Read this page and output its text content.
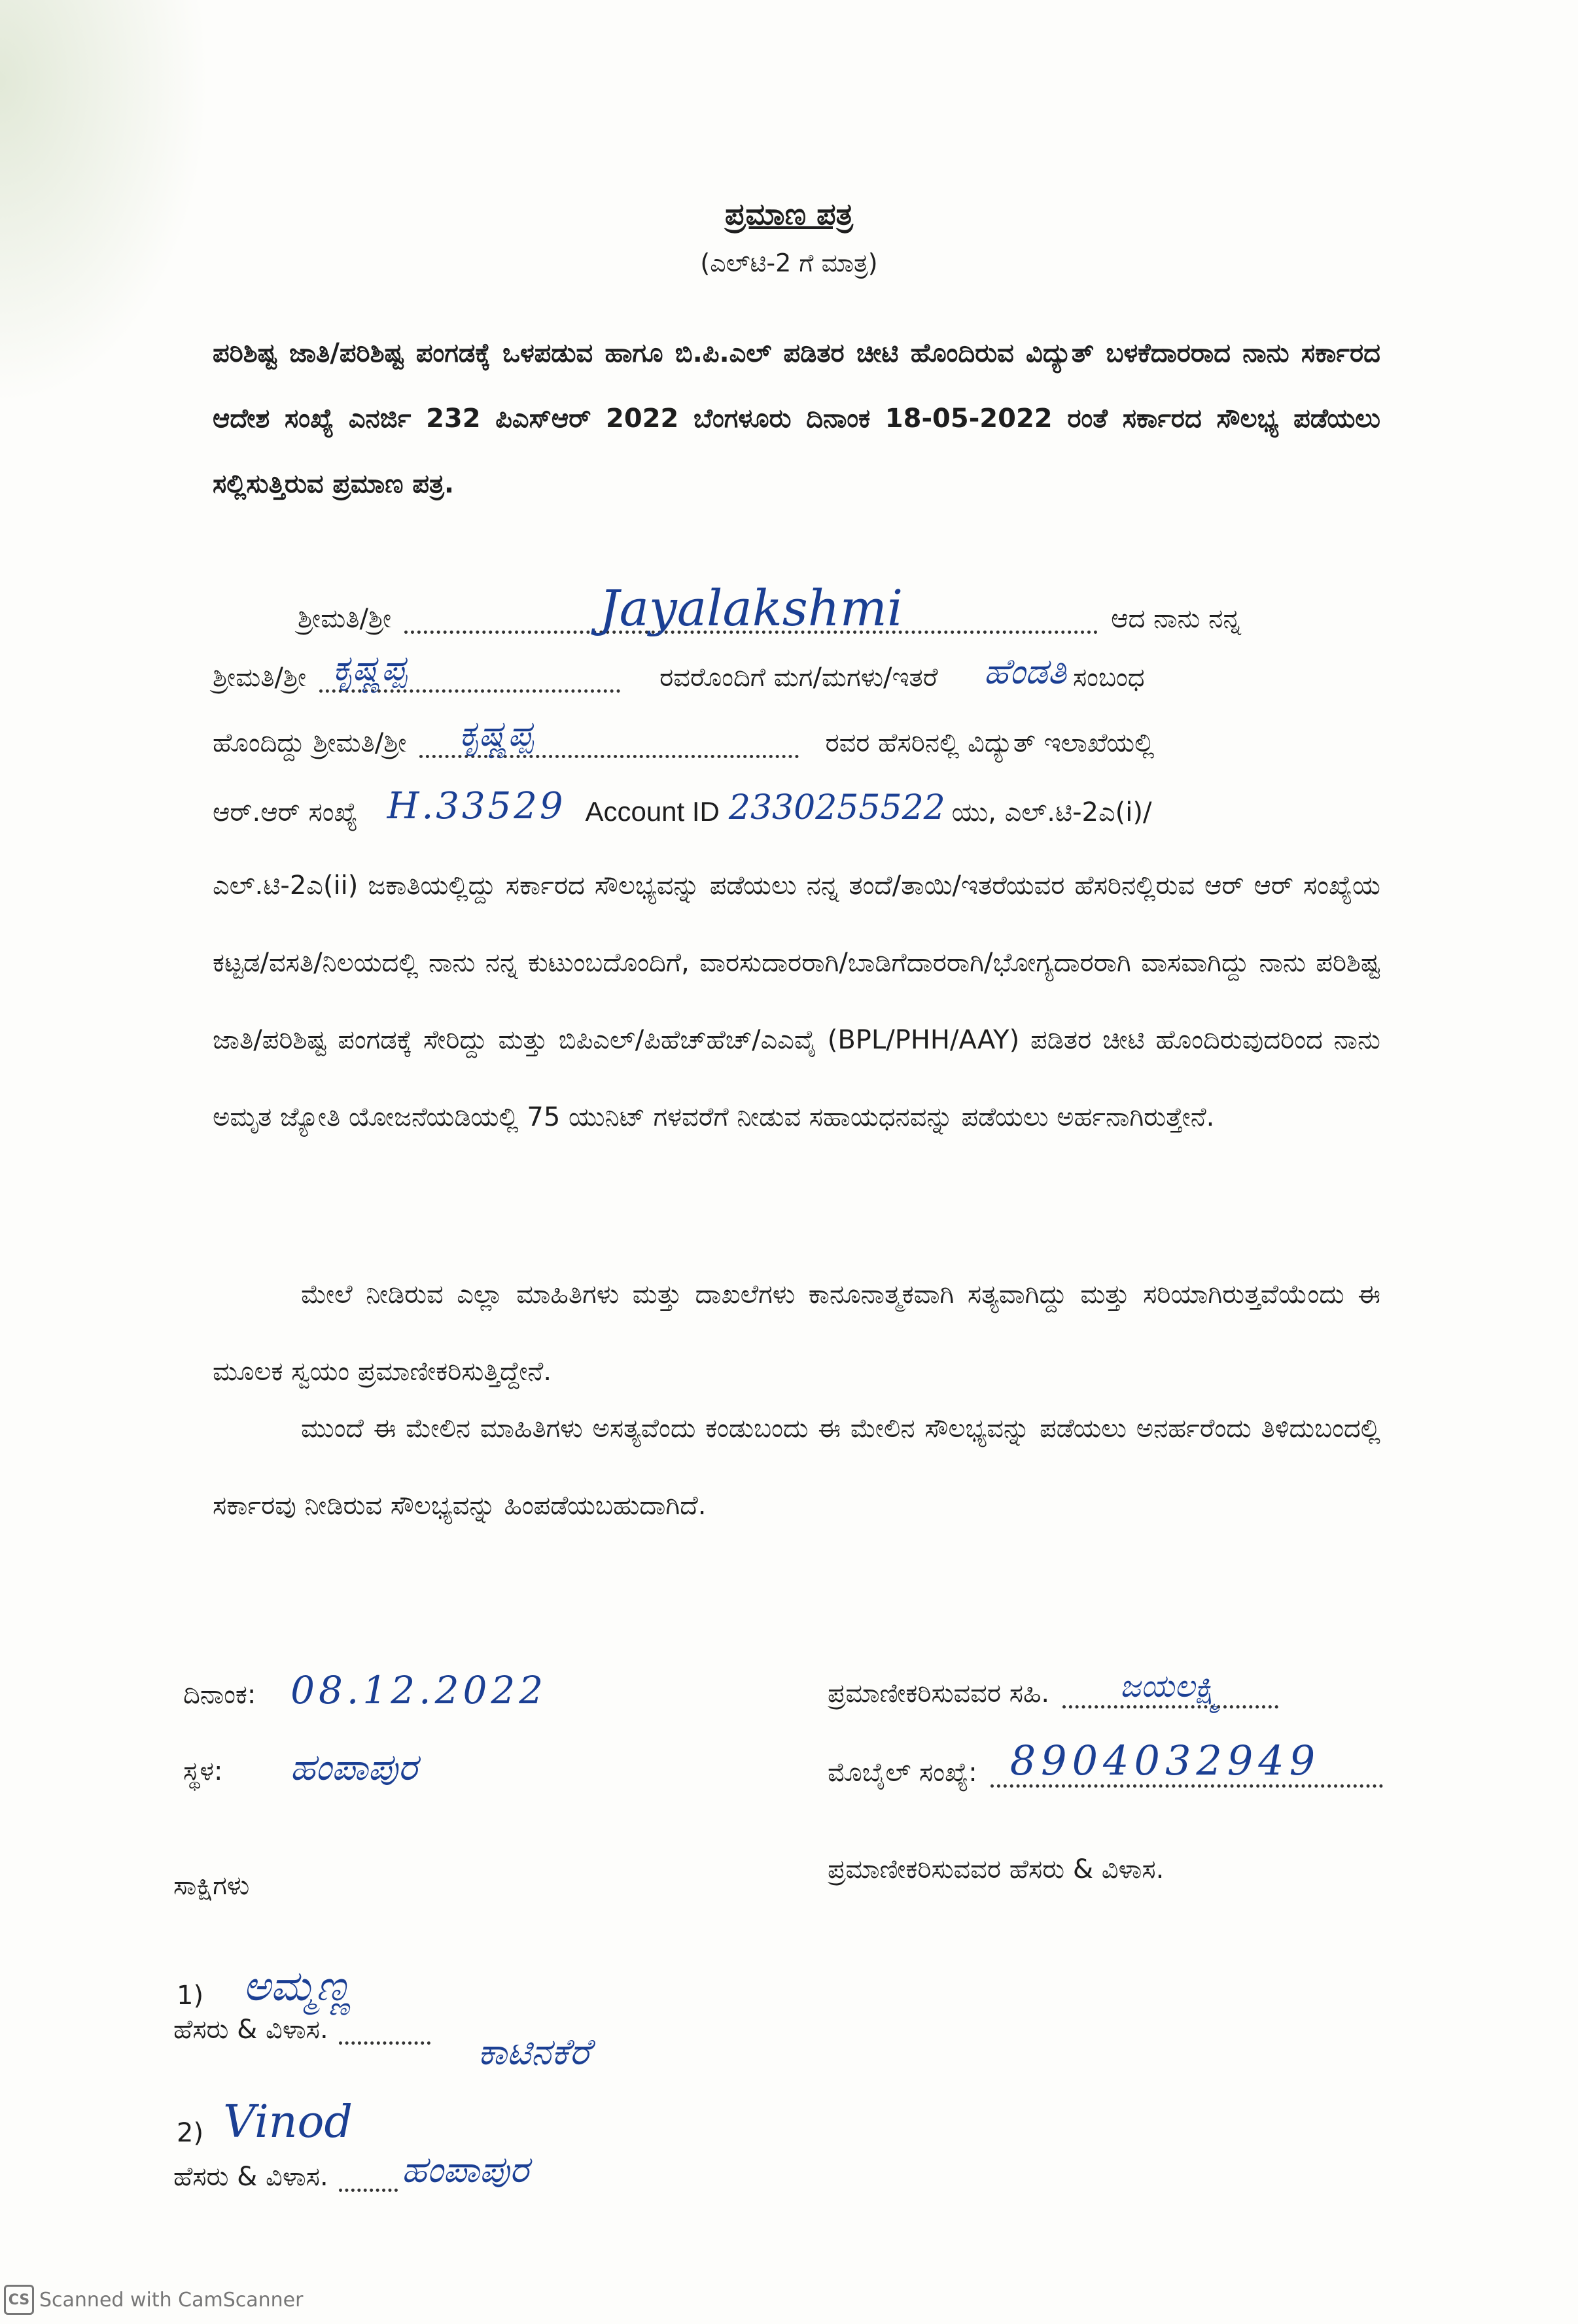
ಪ್ರಮಾಣ ಪತ್ರ
(ಎಲ್‌ಟಿ-2 ಗೆ ಮಾತ್ರ)
ಪರಿಶಿಷ್ಟ ಜಾತಿ/ಪರಿಶಿಷ್ಟ ಪಂಗಡಕ್ಕೆ ಒಳಪಡುವ ಹಾಗೂ ಬಿ.ಪಿ.ಎಲ್ ಪಡಿತರ ಚೀಟಿ ಹೊಂದಿರುವ ವಿದ್ಯುತ್ ಬಳಕೆದಾರರಾದ ನಾನು ಸರ್ಕಾರದ ಆದೇಶ ಸಂಖ್ಯೆ ಎನರ್ಜಿ 232 ಪಿಎಸ್‌ಆರ್ 2022 ಬೆಂಗಳೂರು ದಿನಾಂಕ 18-05-2022 ರಂತೆ ಸರ್ಕಾರದ ಸೌಲಭ್ಯ ಪಡೆಯಲು ಸಲ್ಲಿಸುತ್ತಿರುವ ಪ್ರಮಾಣ ಪತ್ರ.
ಶ್ರೀಮತಿ/ಶ್ರೀ	Jayalakshmi	ಆದ ನಾನು ನನ್ನ
ಶ್ರೀಮತಿ/ಶ್ರೀ ಕೃಷ್ಣಪ್ಪ	ರವರೊಂದಿಗೆ ಮಗ/ಮಗಳು/ಇತರೆ ಹೆಂಡತಿ ಸಂಬಂಧ
ಹೊಂದಿದ್ದು ಶ್ರೀಮತಿ/ಶ್ರೀ	ಕೃಷ್ಣಪ್ಪ	ರವರ ಹೆಸರಿನಲ್ಲಿ ವಿದ್ಯುತ್ ಇಲಾಖೆಯಲ್ಲಿ
ಆರ್.ಆರ್ ಸಂಖ್ಯೆ H.33529 Account ID 2330255522 ಯು, ಎಲ್.ಟಿ-2ಎ(i)/
ಎಲ್.ಟಿ-2ಎ(ii) ಜಕಾತಿಯಲ್ಲಿದ್ದು ಸರ್ಕಾರದ ಸೌಲಭ್ಯವನ್ನು ಪಡೆಯಲು ನನ್ನ ತಂದೆ/ತಾಯಿ/ಇತರೆಯವರ ಹೆಸರಿನಲ್ಲಿರುವ ಆರ್ ಆರ್ ಸಂಖ್ಯೆಯ ಕಟ್ಟಡ/ವಸತಿ/ನಿಲಯದಲ್ಲಿ ನಾನು ನನ್ನ ಕುಟುಂಬದೊಂದಿಗೆ, ವಾರಸುದಾರರಾಗಿ/ಬಾಡಿಗೆದಾರರಾಗಿ/ಭೋಗ್ಯದಾರರಾಗಿ ವಾಸವಾಗಿದ್ದು ನಾನು ಪರಿಶಿಷ್ಟ ಜಾತಿ/ಪರಿಶಿಷ್ಟ ಪಂಗಡಕ್ಕೆ ಸೇರಿದ್ದು ಮತ್ತು ಬಿಪಿಎಲ್/ಪಿಹೆಚ್‌ಹೆಚ್/ಎಎವೈ (BPL/PHH/AAY) ಪಡಿತರ ಚೀಟಿ ಹೊಂದಿರುವುದರಿಂದ ನಾನು ಅಮೃತ ಜ್ಯೋತಿ ಯೋಜನೆಯಡಿಯಲ್ಲಿ 75 ಯುನಿಟ್ ಗಳವರೆಗೆ ನೀಡುವ ಸಹಾಯಧನವನ್ನು ಪಡೆಯಲು ಅರ್ಹನಾಗಿರುತ್ತೇನೆ.
ಮೇಲೆ ನೀಡಿರುವ ಎಲ್ಲಾ ಮಾಹಿತಿಗಳು ಮತ್ತು ದಾಖಲೆಗಳು ಕಾನೂನಾತ್ಮಕವಾಗಿ ಸತ್ಯವಾಗಿದ್ದು ಮತ್ತು ಸರಿಯಾಗಿರುತ್ತವೆಯೆಂದು ಈ ಮೂಲಕ ಸ್ವಯಂ ಪ್ರಮಾಣೀಕರಿಸುತ್ತಿದ್ದೇನೆ.
ಮುಂದೆ ಈ ಮೇಲಿನ ಮಾಹಿತಿಗಳು ಅಸತ್ಯವೆಂದು ಕಂಡುಬಂದು ಈ ಮೇಲಿನ ಸೌಲಭ್ಯವನ್ನು ಪಡೆಯಲು ಅನರ್ಹರೆಂದು ತಿಳಿದುಬಂದಲ್ಲಿ ಸರ್ಕಾರವು ನೀಡಿರುವ ಸೌಲಭ್ಯವನ್ನು ಹಿಂಪಡೆಯಬಹುದಾಗಿದೆ.
ದಿನಾಂಕ: 08.12.2022
ಸ್ಥಳ: ಹಂಪಾಪುರ
ಪ್ರಮಾಣೀಕರಿಸುವವರ ಸಹಿ.	ಜಯಲಕ್ಷ್ಮಿ
ಮೊಬೈಲ್ ಸಂಖ್ಯೆ: 8904032949
ಪ್ರಮಾಣೀಕರಿಸುವವರ ಹೆಸರು & ವಿಳಾಸ.
ಸಾಕ್ಷಿಗಳು
1) ಅಮ್ಮಣ್ಣ
ಹೆಸರು & ವಿಳಾಸ.
ಕಾಟಿನಕೆರೆ
2) Vinod
ಹೆಸರು & ವಿಳಾಸ. ಹಂಪಾಪುರ
CS Scanned with CamScanner
